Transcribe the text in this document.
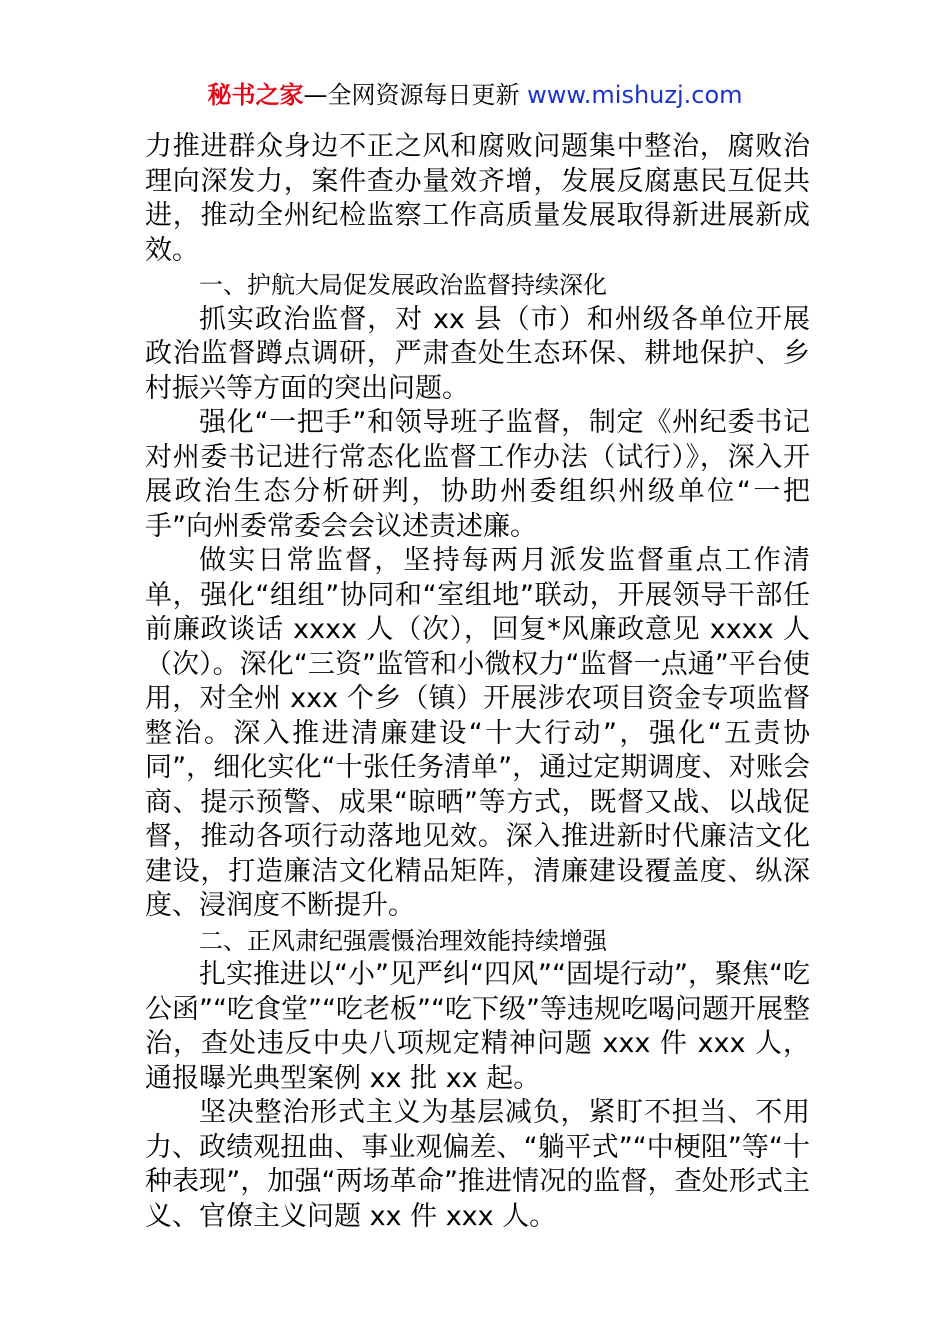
秘书之家—全网资源每日更新 www.mishuzj.com

力推进群众身边不正之风和腐败问题集中整治，腐败治理向深发力，案件查办量效齐增，发展反腐惠民互促共进，推动全州纪检监察工作高质量发展取得新进展新成效。

一、护航大局促发展政治监督持续深化

抓实政治监督，对 xx 县（市）和州级各单位开展政治监督蹲点调研，严肃查处生态环保、耕地保护、乡村振兴等方面的突出问题。

强化“一把手”和领导班子监督，制定《州纪委书记对州委书记进行常态化监督工作办法（试行）》，深入开展政治生态分析研判，协助州委组织州级单位“一把手”向州委常委会会议述责述廉。

做实日常监督，坚持每两月派发监督重点工作清单，强化“组组”协同和“室组地”联动，开展领导干部任前廉政谈话 xxxx 人（次），回复*风廉政意见 xxxx 人（次）。深化“三资”监管和小微权力“监督一点通”平台使用，对全州 xxx 个乡（镇）开展涉农项目资金专项监督整治。深入推进清廉建设“十大行动”，强化“五责协同”，细化实化“十张任务清单”，通过定期调度、对账会商、提示预警、成果“晾晒”等方式，既督又战、以战促督，推动各项行动落地见效。深入推进新时代廉洁文化建设，打造廉洁文化精品矩阵，清廉建设覆盖度、纵深度、浸润度不断提升。

二、正风肃纪强震慑治理效能持续增强

扎实推进以“小”见严纠“四风”“固堤行动”，聚焦“吃公函”“吃食堂”“吃老板”“吃下级”等违规吃喝问题开展整治，查处违反中央八项规定精神问题 xxx 件 xxx 人，通报曝光典型案例 xx 批 xx 起。

坚决整治形式主义为基层减负，紧盯不担当、不用力、政绩观扭曲、事业观偏差、“躺平式”“中梗阻”等“十种表现”，加强“两场革命”推进情况的监督，查处形式主义、官僚主义问题 xx 件 xxx 人。
